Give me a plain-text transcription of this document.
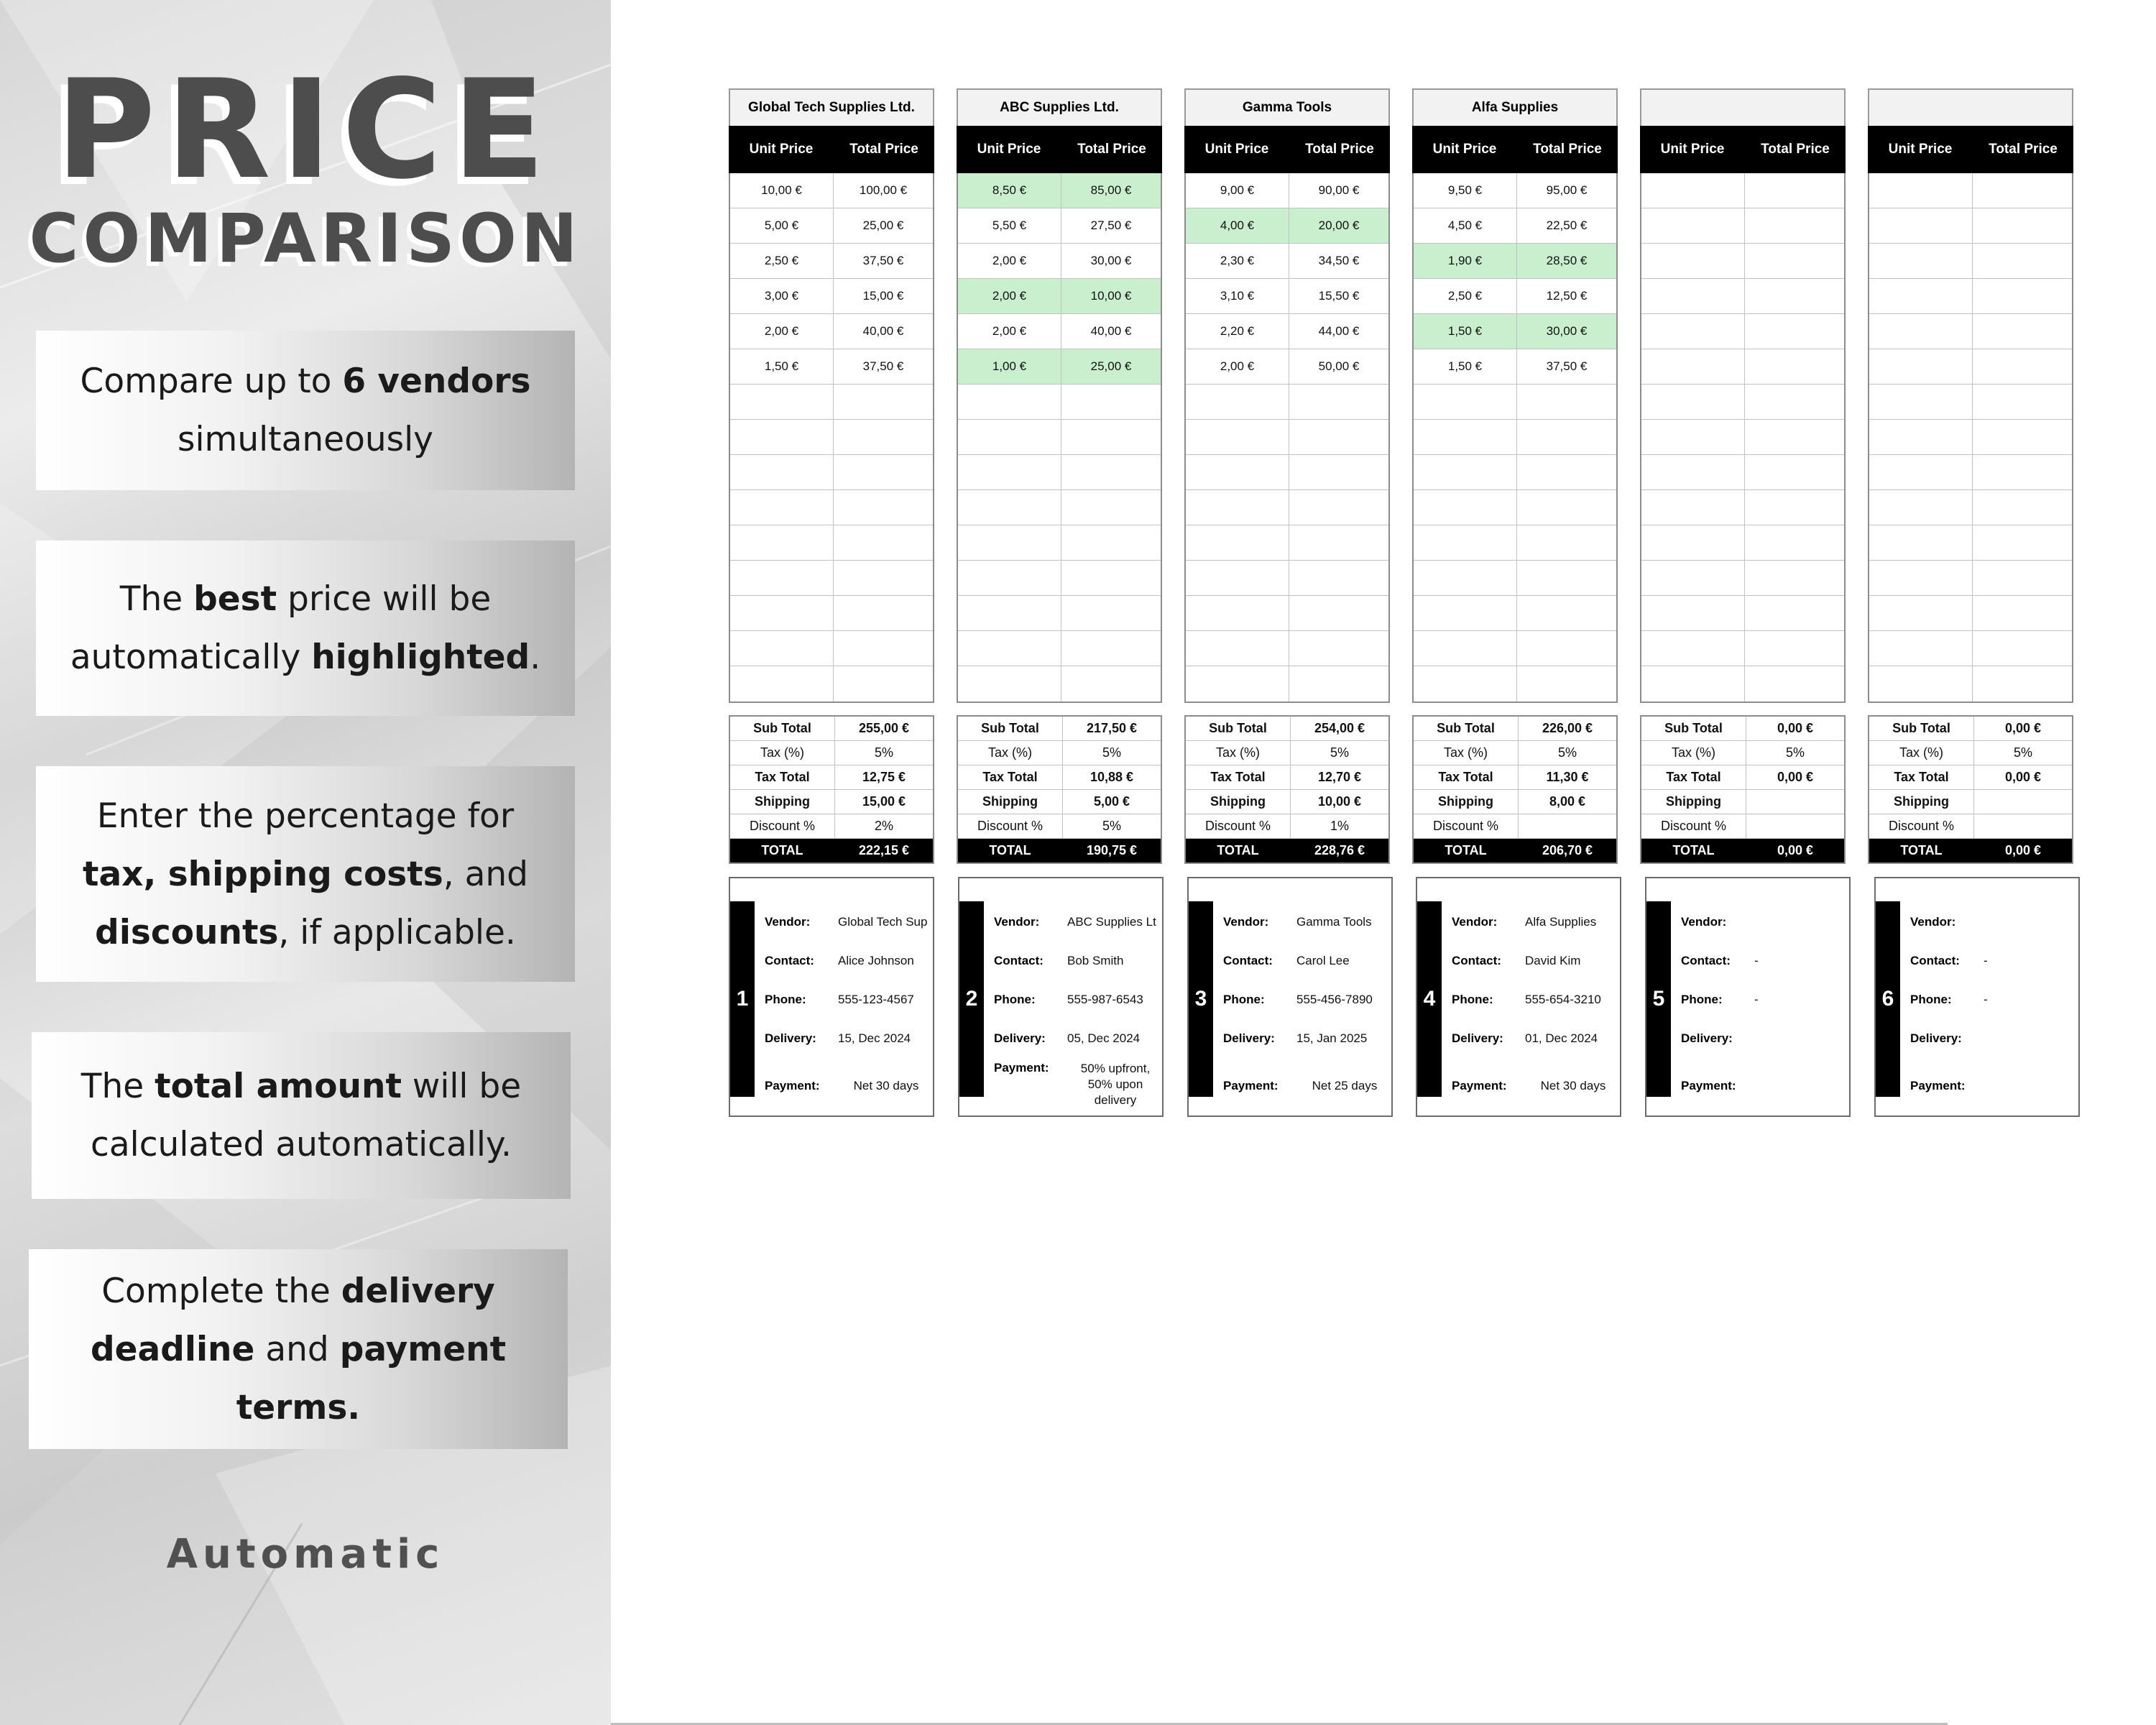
PRICE
COMPARISON
Compare up to 6 vendors simultaneously
The best price will be automatically highlighted.
Enter the percentage for tax, shipping costs, and discounts, if applicable.
The total amount will be calculated automatically.
Complete the delivery deadline and payment terms.
Automatic
Global Tech Supplies Ltd.
Unit Price	Total Price
10,00 €	100,00 €
5,00 €	25,00 €
2,50 €	37,50 €
3,00 €	15,00 €
2,00 €	40,00 €
1,50 €	37,50 €
Sub Total	255,00 €
Tax (%)	5%
Tax Total	12,75 €
Shipping	15,00 €
Discount %	2%
TOTAL	222,15 €
1
Vendor:	Global Tech Sup
Contact:	Alice Johnson
Phone:	555-123-4567
Delivery:	15, Dec 2024
Payment:	Net 30 days
ABC Supplies Ltd.
Unit Price	Total Price
8,50 €	85,00 €
5,50 €	27,50 €
2,00 €	30,00 €
2,00 €	10,00 €
2,00 €	40,00 €
1,00 €	25,00 €
Sub Total	217,50 €
Tax (%)	5%
Tax Total	10,88 €
Shipping	5,00 €
Discount %	5%
TOTAL	190,75 €
2
Vendor:	ABC Supplies Lt
Contact:	Bob Smith
Phone:	555-987-6543
Delivery:	05, Dec 2024
Payment:	50% upfront, 50% upon delivery
Gamma Tools
Unit Price	Total Price
9,00 €	90,00 €
4,00 €	20,00 €
2,30 €	34,50 €
3,10 €	15,50 €
2,20 €	44,00 €
2,00 €	50,00 €
Sub Total	254,00 €
Tax (%)	5%
Tax Total	12,70 €
Shipping	10,00 €
Discount %	1%
TOTAL	228,76 €
3
Vendor:	Gamma Tools
Contact:	Carol Lee
Phone:	555-456-7890
Delivery:	15, Jan 2025
Payment:	Net 25 days
Alfa Supplies
Unit Price	Total Price
9,50 €	95,00 €
4,50 €	22,50 €
1,90 €	28,50 €
2,50 €	12,50 €
1,50 €	30,00 €
1,50 €	37,50 €
Sub Total	226,00 €
Tax (%)	5%
Tax Total	11,30 €
Shipping	8,00 €
Discount %
TOTAL	206,70 €
4
Vendor:	Alfa Supplies
Contact:	David Kim
Phone:	555-654-3210
Delivery:	01, Dec 2024
Payment:	Net 30 days
Unit Price	Total Price
Sub Total	0,00 €
Tax (%)	5%
Tax Total	0,00 €
Shipping
Discount %
TOTAL	0,00 €
5
Vendor:
Contact:	-
Phone:	-
Delivery:
Payment:
Unit Price	Total Price
Sub Total	0,00 €
Tax (%)	5%
Tax Total	0,00 €
Shipping
Discount %
TOTAL	0,00 €
6
Vendor:
Contact:	-
Phone:	-
Delivery:
Payment:
